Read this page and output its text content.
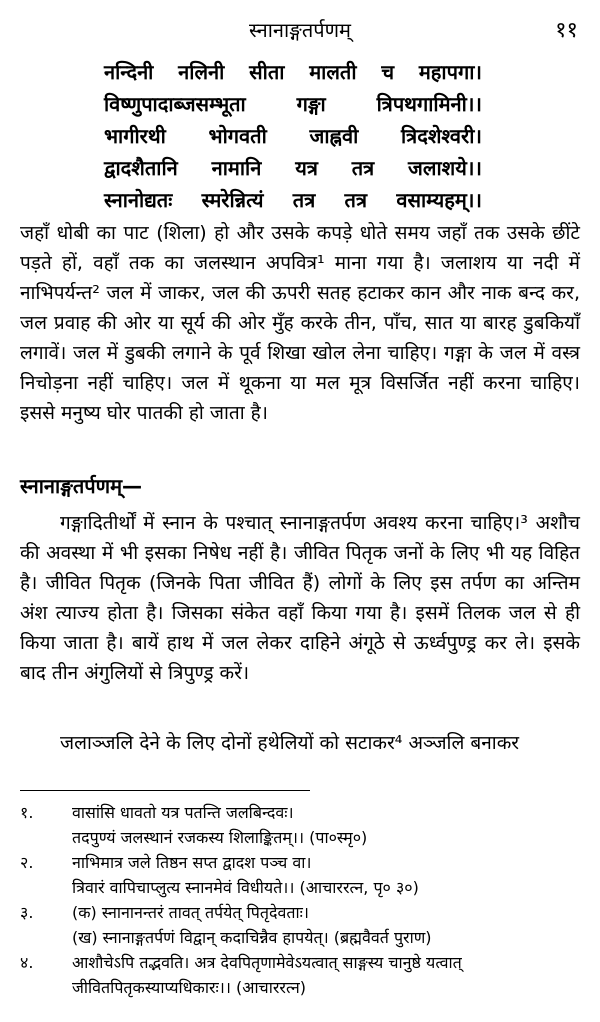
स्नानाङ्गतर्पणम्	११
नन्दिनी नलिनी सीता मालती च महापगा।
विष्णुपादाब्जसम्भूता गङ्गा त्रिपथगामिनी।।
भागीरथी भोगवती जाह्नवी त्रिदशेश्वरी।
द्वादशैतानि नामानि यत्र तत्र जलाशये।।
स्नानोद्यतः स्मरेन्नित्यं तत्र तत्र वसाम्यहम्।।
जहाँ धोबी का पाट (शिला) हो और उसके कपड़े धोते समय जहाँ तक उसके छींटे पड़ते हों, वहाँ तक का जलस्थान अपवित्र¹ माना गया है। जलाशय या नदी में नाभिपर्यन्त² जल में जाकर, जल की ऊपरी सतह हटाकर कान और नाक बन्द कर, जल प्रवाह की ओर या सूर्य की ओर मुँह करके तीन, पाँच, सात या बारह डुबकियाँ लगावें। जल में डुबकी लगाने के पूर्व शिखा खोल लेना चाहिए। गङ्गा के जल में वस्त्र निचोड़ना नहीं चाहिए। जल में थूकना या मल मूत्र विसर्जित नहीं करना चाहिए। इससे मनुष्य घोर पातकी हो जाता है।
स्नानाङ्गतर्पणम्—
गङ्गादितीर्थों में स्नान के पश्चात् स्नानाङ्गतर्पण अवश्य करना चाहिए।³ अशौच की अवस्था में भी इसका निषेध नहीं है। जीवित पितृक जनों के लिए भी यह विहित है। जीवित पितृक (जिनके पिता जीवित हैं) लोगों के लिए इस तर्पण का अन्तिम अंश त्याज्य होता है। जिसका संकेत वहाँ किया गया है। इसमें तिलक जल से ही किया जाता है। बायें हाथ में जल लेकर दाहिने अंगूठे से ऊर्ध्वपुण्ड्र कर ले। इसके बाद तीन अंगुलियों से त्रिपुण्ड्र करें।
जलाञ्जलि देने के लिए दोनों हथेलियों को सटाकर⁴ अञ्जलि बनाकर
१.	वासांसि धावतो यत्र पतन्ति जलबिन्दवः।
तदपुण्यं जलस्थानं रजकस्य शिलाङ्कितम्।। (पा०स्मृ०)
२.	नाभिमात्र जले तिष्ठन सप्त द्वादश पञ्च वा।
त्रिवारं वापिचाप्लुत्य स्नानमेवं विधीयते।। (आचाररत्न, पृ० ३०)
३.	(क) स्नानानन्तरं तावत् तर्पयेत् पितृदेवताः।
(ख) स्नानाङ्गतर्पणं विद्वान् कदाचिन्नैव हापयेत्। (ब्रह्मवैवर्त पुराण)
४.	आशौचेऽपि तद्भवति। अत्र देवपितृणामेवेऽयत्वात् साङ्गस्य चानुष्ठे यत्वात्
जीवितपितृकस्याप्यधिकारः।। (आचाररत्न)
